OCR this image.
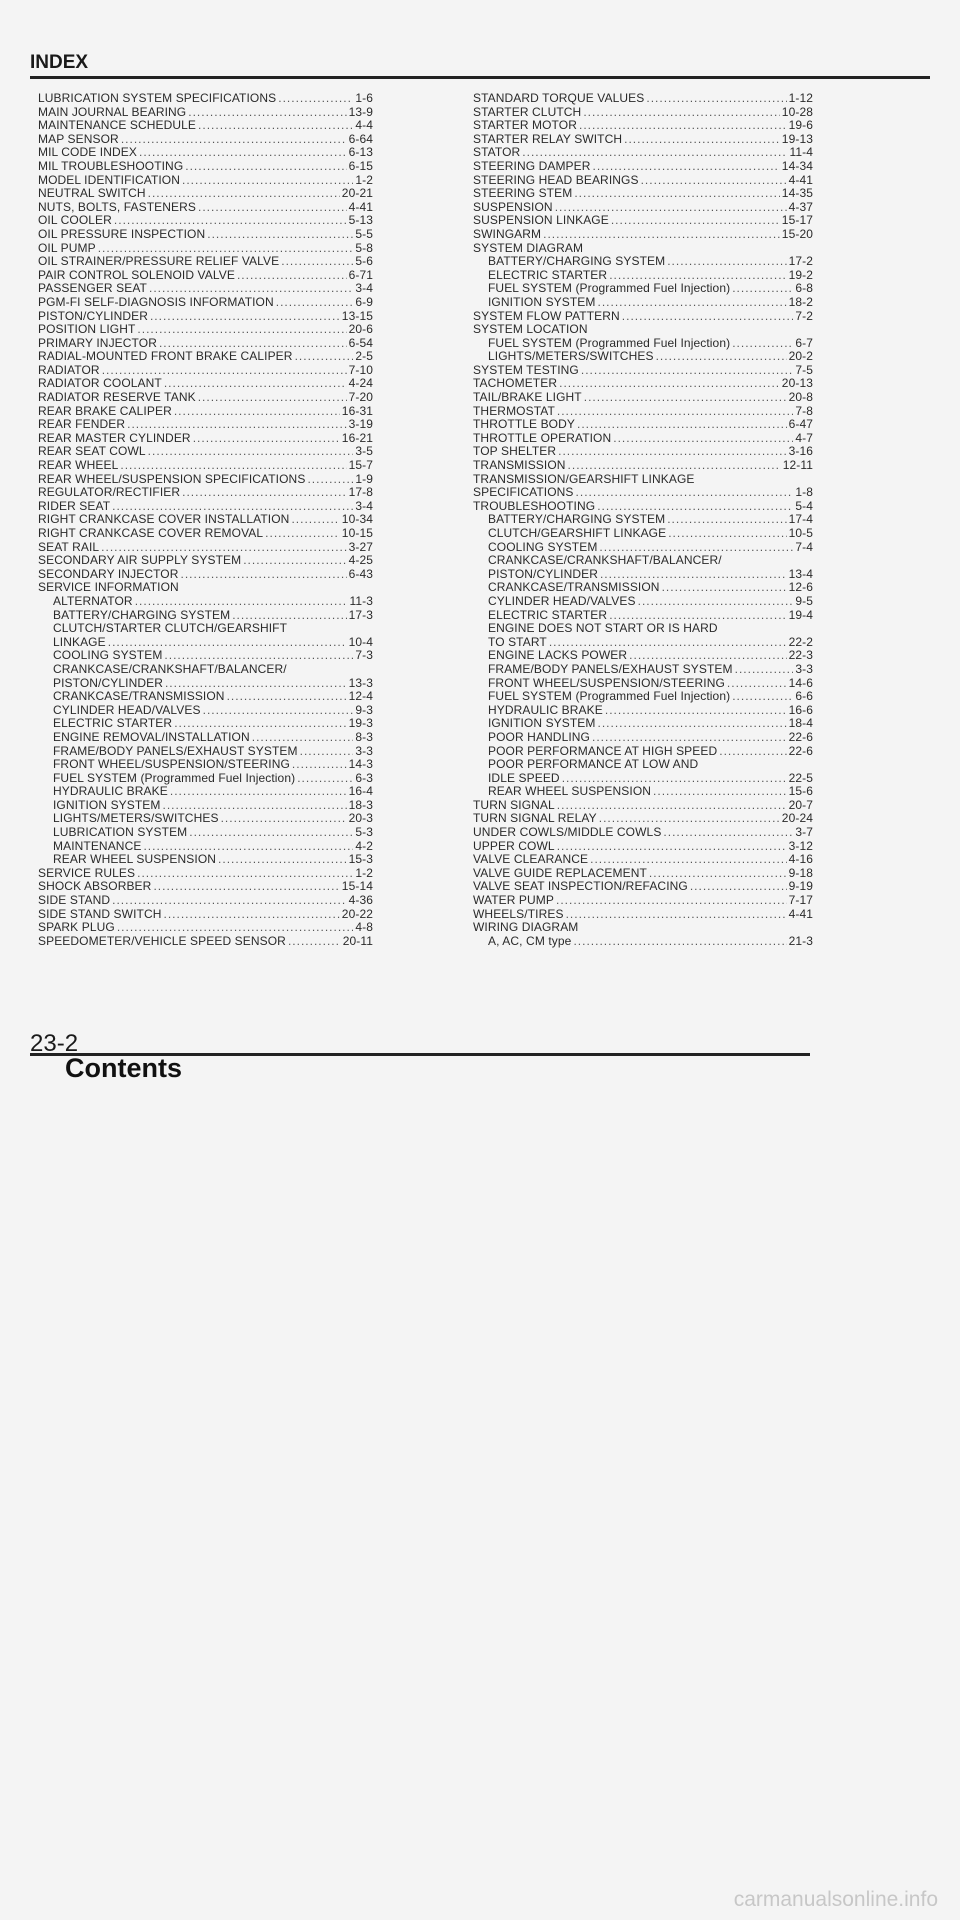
INDEX
LUBRICATION SYSTEM SPECIFICATIONS .....	1-6
MAIN JOURNAL BEARING .....	13-9
MAINTENANCE SCHEDULE .....	4-4
MAP SENSOR .....	6-64
MIL CODE INDEX .....	6-13
MIL TROUBLESHOOTING .....	6-15
MODEL IDENTIFICATION .....	1-2
NEUTRAL SWITCH .....	20-21
NUTS, BOLTS, FASTENERS .....	4-41
OIL COOLER .....	5-13
OIL PRESSURE INSPECTION .....	5-5
OIL PUMP .....	5-8
OIL STRAINER/PRESSURE RELIEF VALVE .....	5-6
PAIR CONTROL SOLENOID VALVE .....	6-71
PASSENGER SEAT .....	3-4
PGM-FI SELF-DIAGNOSIS INFORMATION .....	6-9
PISTON/CYLINDER .....	13-15
POSITION LIGHT .....	20-6
PRIMARY INJECTOR .....	6-54
RADIAL-MOUNTED FRONT BRAKE CALIPER .....	2-5
RADIATOR .....	7-10
RADIATOR COOLANT .....	4-24
RADIATOR RESERVE TANK .....	7-20
REAR BRAKE CALIPER .....	16-31
REAR FENDER .....	3-19
REAR MASTER CYLINDER .....	16-21
REAR SEAT COWL .....	3-5
REAR WHEEL .....	15-7
REAR WHEEL/SUSPENSION SPECIFICATIONS .....	1-9
REGULATOR/RECTIFIER .....	17-8
RIDER SEAT .....	3-4
RIGHT CRANKCASE COVER INSTALLATION .....	10-34
RIGHT CRANKCASE COVER REMOVAL .....	10-15
SEAT RAIL .....	3-27
SECONDARY AIR SUPPLY SYSTEM .....	4-25
SECONDARY INJECTOR .....	6-43
SERVICE INFORMATION
ALTERNATOR .....	11-3
BATTERY/CHARGING SYSTEM .....	17-3
CLUTCH/STARTER CLUTCH/GEARSHIFT
LINKAGE .....	10-4
COOLING SYSTEM .....	7-3
CRANKCASE/CRANKSHAFT/BALANCER/
PISTON/CYLINDER .....	13-3
CRANKCASE/TRANSMISSION .....	12-4
CYLINDER HEAD/VALVES .....	9-3
ELECTRIC STARTER .....	19-3
ENGINE REMOVAL/INSTALLATION .....	8-3
FRAME/BODY PANELS/EXHAUST SYSTEM .....	3-3
FRONT WHEEL/SUSPENSION/STEERING .....	14-3
FUEL SYSTEM (Programmed Fuel Injection) .....	6-3
HYDRAULIC BRAKE .....	16-4
IGNITION SYSTEM .....	18-3
LIGHTS/METERS/SWITCHES .....	20-3
LUBRICATION SYSTEM .....	5-3
MAINTENANCE .....	4-2
REAR WHEEL SUSPENSION .....	15-3
SERVICE RULES .....	1-2
SHOCK ABSORBER .....	15-14
SIDE STAND .....	4-36
SIDE STAND SWITCH .....	20-22
SPARK PLUG .....	4-8
SPEEDOMETER/VEHICLE SPEED SENSOR .....	20-11
STANDARD TORQUE VALUES .....	1-12
STARTER CLUTCH .....	10-28
STARTER MOTOR .....	19-6
STARTER RELAY SWITCH .....	19-13
STATOR .....	11-4
STEERING DAMPER .....	14-34
STEERING HEAD BEARINGS .....	4-41
STEERING STEM .....	14-35
SUSPENSION .....	4-37
SUSPENSION LINKAGE .....	15-17
SWINGARM .....	15-20
SYSTEM DIAGRAM
BATTERY/CHARGING SYSTEM .....	17-2
ELECTRIC STARTER .....	19-2
FUEL SYSTEM (Programmed Fuel Injection) .....	6-8
IGNITION SYSTEM .....	18-2
SYSTEM FLOW PATTERN .....	7-2
SYSTEM LOCATION
FUEL SYSTEM (Programmed Fuel Injection) .....	6-7
LIGHTS/METERS/SWITCHES .....	20-2
SYSTEM TESTING .....	7-5
TACHOMETER .....	20-13
TAIL/BRAKE LIGHT .....	20-8
THERMOSTAT .....	7-8
THROTTLE BODY .....	6-47
THROTTLE OPERATION .....	4-7
TOP SHELTER .....	3-16
TRANSMISSION .....	12-11
TRANSMISSION/GEARSHIFT LINKAGE
SPECIFICATIONS .....	1-8
TROUBLESHOOTING .....	5-4
BATTERY/CHARGING SYSTEM .....	17-4
CLUTCH/GEARSHIFT LINKAGE .....	10-5
COOLING SYSTEM .....	7-4
CRANKCASE/CRANKSHAFT/BALANCER/
PISTON/CYLINDER .....	13-4
CRANKCASE/TRANSMISSION .....	12-6
CYLINDER HEAD/VALVES .....	9-5
ELECTRIC STARTER .....	19-4
ENGINE DOES NOT START OR IS HARD
TO START .....	22-2
ENGINE LACKS POWER .....	22-3
FRAME/BODY PANELS/EXHAUST SYSTEM .....	3-3
FRONT WHEEL/SUSPENSION/STEERING .....	14-6
FUEL SYSTEM (Programmed Fuel Injection) .....	6-6
HYDRAULIC BRAKE .....	16-6
IGNITION SYSTEM .....	18-4
POOR HANDLING .....	22-6
POOR PERFORMANCE AT HIGH SPEED .....	22-6
POOR PERFORMANCE AT LOW AND
IDLE SPEED .....	22-5
REAR WHEEL SUSPENSION .....	15-6
TURN SIGNAL .....	20-7
TURN SIGNAL RELAY .....	20-24
UNDER COWLS/MIDDLE COWLS .....	3-7
UPPER COWL .....	3-12
VALVE CLEARANCE .....	4-16
VALVE GUIDE REPLACEMENT .....	9-18
VALVE SEAT INSPECTION/REFACING .....	9-19
WATER PUMP .....	7-17
WHEELS/TIRES .....	4-41
WIRING DIAGRAM
A, AC, CM type .....	21-3
23-2
Contents
carmanualsonline.info
